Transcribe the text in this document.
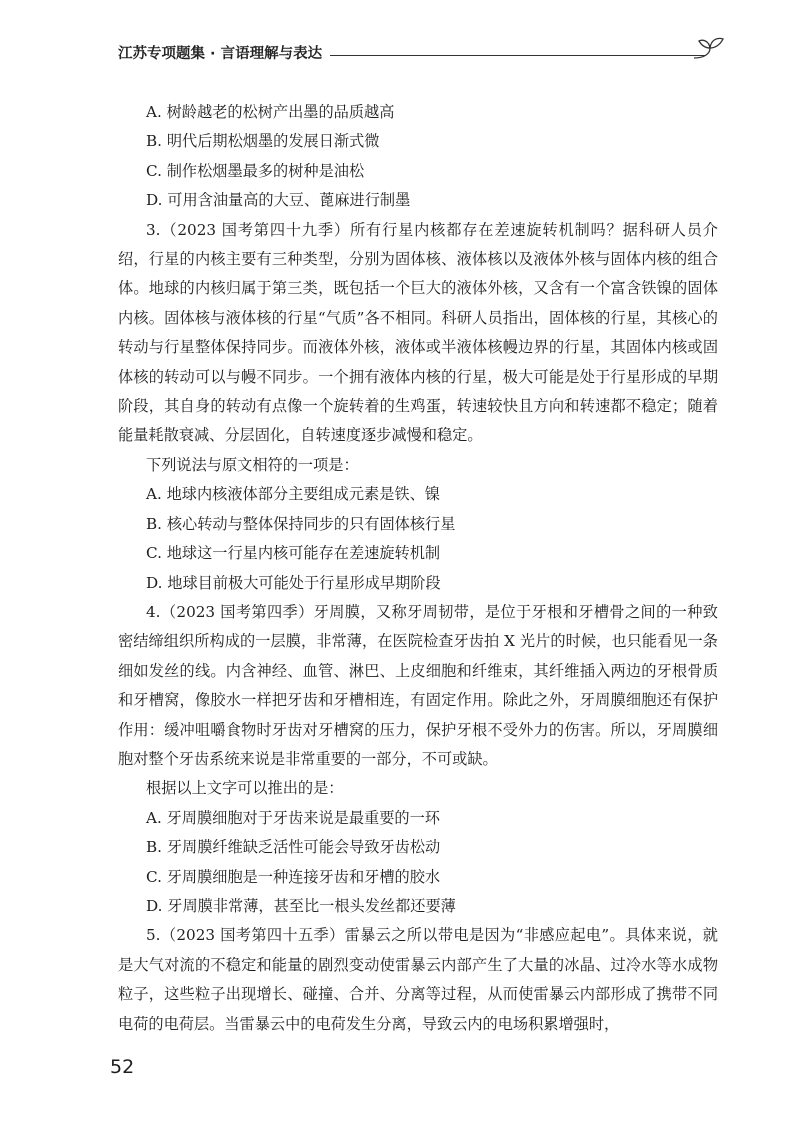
江苏专项题集 · 言语理解与表达

A. 树龄越老的松树产出墨的品质越高

B. 明代后期松烟墨的发展日渐式微

C. 制作松烟墨最多的树种是油松

D. 可用含油量高的大豆、蓖麻进行制墨

3.（2023 国考第四十九季）所有行星内核都存在差速旋转机制吗？据科研人员介绍，行星的内核主要有三种类型，分别为固体核、液体核以及液体外核与固体内核的组合体。地球的内核归属于第三类，既包括一个巨大的液体外核，又含有一个富含铁镍的固体内核。固体核与液体核的行星“气质”各不相同。科研人员指出，固体核的行星，其核心的转动与行星整体保持同步。而液体外核，液体或半液体核幔边界的行星，其固体内核或固体核的转动可以与幔不同步。一个拥有液体内核的行星，极大可能是处于行星形成的早期阶段，其自身的转动有点像一个旋转着的生鸡蛋，转速较快且方向和转速都不稳定；随着能量耗散衰减、分层固化，自转速度逐步减慢和稳定。

下列说法与原文相符的一项是：

A. 地球内核液体部分主要组成元素是铁、镍

B. 核心转动与整体保持同步的只有固体核行星

C. 地球这一行星内核可能存在差速旋转机制

D. 地球目前极大可能处于行星形成早期阶段

4.（2023 国考第四季）牙周膜，又称牙周韧带，是位于牙根和牙槽骨之间的一种致密结缔组织所构成的一层膜，非常薄，在医院检查牙齿拍 X 光片的时候，也只能看见一条细如发丝的线。内含神经、血管、淋巴、上皮细胞和纤维束，其纤维插入两边的牙根骨质和牙槽窝，像胶水一样把牙齿和牙槽相连，有固定作用。除此之外，牙周膜细胞还有保护作用：缓冲咀嚼食物时牙齿对牙槽窝的压力，保护牙根不受外力的伤害。所以，牙周膜细胞对整个牙齿系统来说是非常重要的一部分，不可或缺。

根据以上文字可以推出的是：

A. 牙周膜细胞对于牙齿来说是最重要的一环

B. 牙周膜纤维缺乏活性可能会导致牙齿松动

C. 牙周膜细胞是一种连接牙齿和牙槽的胶水

D. 牙周膜非常薄，甚至比一根头发丝都还要薄

5.（2023 国考第四十五季）雷暴云之所以带电是因为“非感应起电”。具体来说，就是大气对流的不稳定和能量的剧烈变动使雷暴云内部产生了大量的冰晶、过冷水等水成物粒子，这些粒子出现增长、碰撞、合并、分离等过程，从而使雷暴云内部形成了携带不同电荷的电荷层。当雷暴云中的电荷发生分离，导致云内的电场积累增强时，

52
